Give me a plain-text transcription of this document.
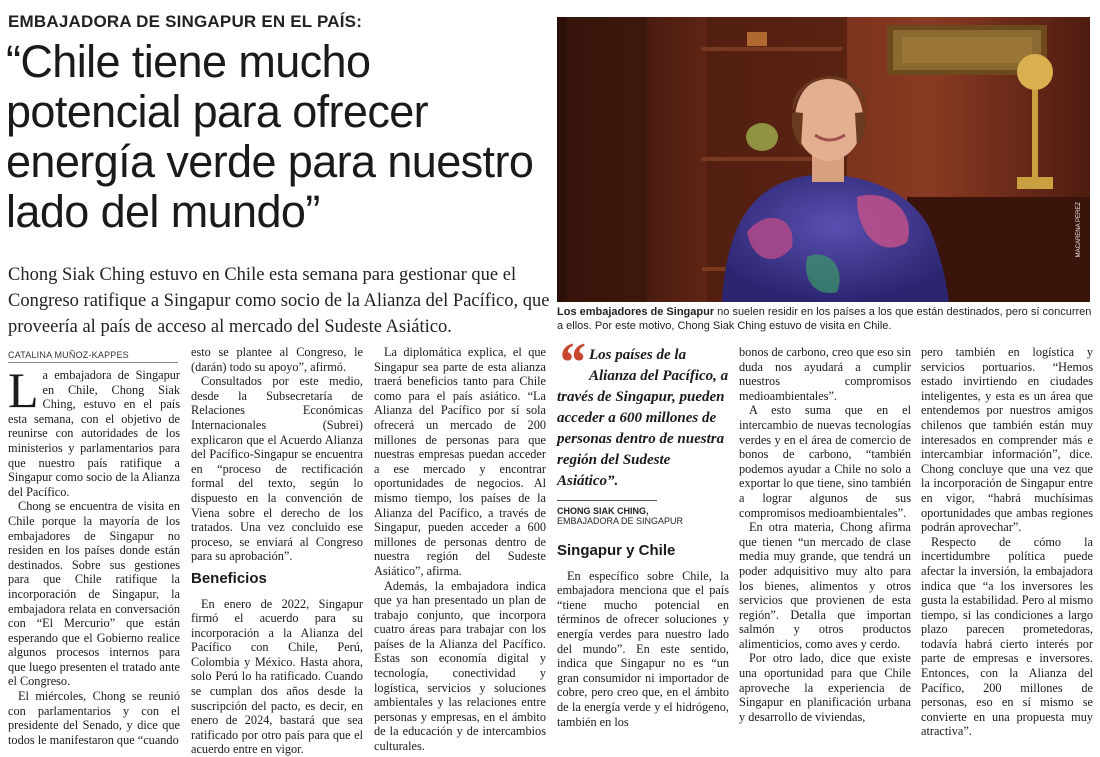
EMBAJADORA DE SINGAPUR EN EL PAÍS:
“Chile tiene mucho potencial para ofrecer energía verde para nuestro lado del mundo”
Chong Siak Ching estuvo en Chile esta semana para gestionar que el Congreso ratifique a Singapur como socio de la Alianza del Pacífico, que proveería al país de acceso al mercado del Sudeste Asiático.
MACARENA PÉREZ
Los embajadores de Singapur no suelen residir en los países a los que están destinados, pero sí concurren a ellos. Por este motivo, Chong Siak Ching estuvo de visita en Chile.
CATALINA MUÑOZ-KAPPES

La embajadora de Singapur en Chile, Chong Siak Ching, estuvo en el país esta semana, con el objetivo de reunirse con autoridades de los ministerios y parlamentarios para que nuestro país ratifique a Singapur como socio de la Alianza del Pacífico.

Chong se encuentra de visita en Chile porque la mayoría de los embajadores de Singapur no residen en los países donde están destinados. Sobre sus gestiones para que Chile ratifique la incorporación de Singapur, la embajadora relata en conversación con “El Mercurio” que están esperando que el Gobierno realice algunos procesos internos para que luego presenten el tratado ante el Congreso.

El miércoles, Chong se reunió con parlamentarios y con el presidente del Senado, y dice que todos le manifestaron que “cuando

esto se plantee al Congreso, le (darán) todo su apoyo”, afirmó.

Consultados por este medio, desde la Subsecretaría de Relaciones Económicas Internacionales (Subrei) explicaron que el Acuerdo Alianza del Pacífico-Singapur se encuentra en “proceso de rectificación formal del texto, según lo dispuesto en la convención de Viena sobre el derecho de los tratados. Una vez concluido ese proceso, se enviará al Congreso para su aprobación”.

Beneficios

En enero de 2022, Singapur firmó el acuerdo para su incorporación a la Alianza del Pacífico con Chile, Perú, Colombia y México. Hasta ahora, solo Perú lo ha ratificado. Cuando se cumplan dos años desde la suscripción del pacto, es decir, en enero de 2024, bastará que sea ratificado por otro país para que el acuerdo entre en vigor.

La diplomática explica, el que Singapur sea parte de esta alianza traerá beneficios tanto para Chile como para el país asiático. “La Alianza del Pacífico por sí sola ofrecerá un mercado de 200 millones de personas para que nuestras empresas puedan acceder a ese mercado y encontrar oportunidades de negocios. Al mismo tiempo, los países de la Alianza del Pacífico, a través de Singapur, pueden acceder a 600 millones de personas dentro de nuestra región del Sudeste Asiático”, afirma.

Además, la embajadora indica que ya han presentado un plan de trabajo conjunto, que incorpora cuatro áreas para trabajar con los países de la Alianza del Pacífico. Estas son economía digital y tecnología, conectividad y logística, servicios y soluciones ambientales y las relaciones entre personas y empresas, en el ámbito de la educación y de intercambios culturales.

“ Los países de la Alianza del Pacífico, a través de Singapur, pueden acceder a 600 millones de personas dentro de nuestra región del Sudeste Asiático”.
CHONG SIAK CHING,
EMBAJADORA DE SINGAPUR
Singapur y Chile

En específico sobre Chile, la embajadora menciona que el país “tiene mucho potencial en términos de ofrecer soluciones y energía verdes para nuestro lado del mundo”. En este sentido, indica que Singapur no es “un gran consumidor ni importador de cobre, pero creo que, en el ámbito de la energía verde y el hidrógeno, también en los

bonos de carbono, creo que eso sin duda nos ayudará a cumplir nuestros compromisos medioambientales”.

A esto suma que en el intercambio de nuevas tecnologías verdes y en el área de comercio de bonos de carbono, “también podemos ayudar a Chile no solo a exportar lo que tiene, sino también a lograr algunos de sus compromisos medioambientales”.

En otra materia, Chong afirma que tienen “un mercado de clase media muy grande, que tendrá un poder adquisitivo muy alto para los bienes, alimentos y otros servicios que provienen de esta región”. Detalla que importan salmón y otros productos alimenticios, como aves y cerdo.

Por otro lado, dice que existe una oportunidad para que Chile aproveche la experiencia de Singapur en planificación urbana y desarrollo de viviendas,

pero también en logística y servicios portuarios. “Hemos estado invirtiendo en ciudades inteligentes, y esta es un área que entendemos por nuestros amigos chilenos que también están muy interesados en comprender más e intercambiar información”, dice. Chong concluye que una vez que la incorporación de Singapur entre en vigor, “habrá muchísimas oportunidades que ambas regiones podrán aprovechar”.

Respecto de cómo la incertidumbre política puede afectar la inversión, la embajadora indica que “a los inversores les gusta la estabilidad. Pero al mismo tiempo, si las condiciones a largo plazo parecen prometedoras, todavía habrá cierto interés por parte de empresas e inversores. Entonces, con la Alianza del Pacífico, 200 millones de personas, eso en sí mismo se convierte en una propuesta muy atractiva”.
